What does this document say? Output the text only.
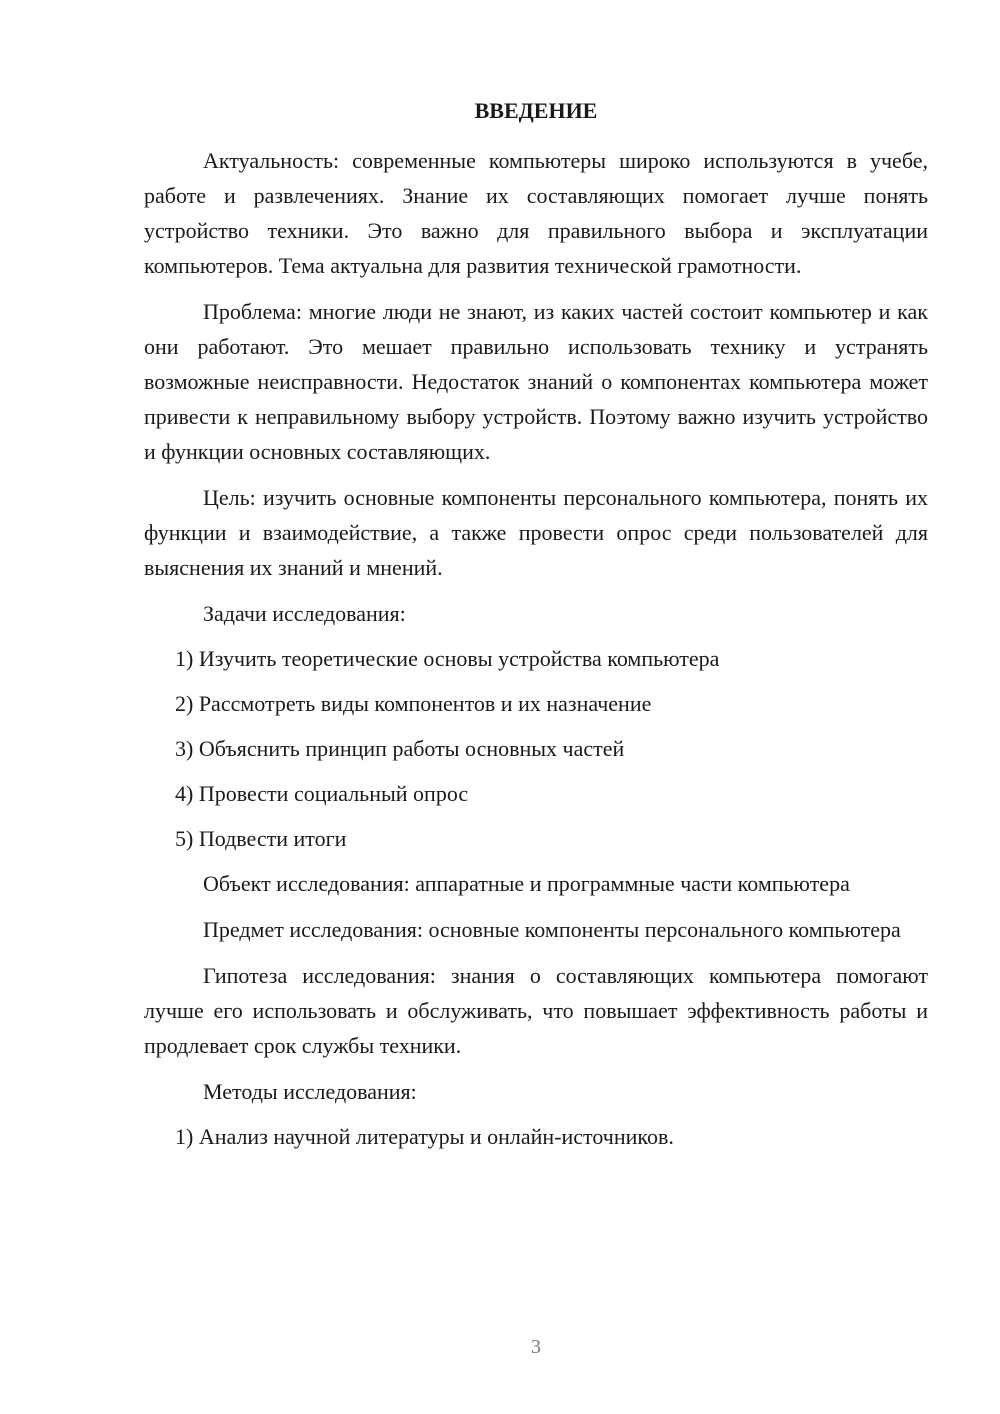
ВВЕДЕНИЕ

Актуальность: современные компьютеры широко используются в учебе, работе и развлечениях. Знание их составляющих помогает лучше понять устройство техники. Это важно для правильного выбора и эксплуатации компьютеров. Тема актуальна для развития технической грамотности.

Проблема: многие люди не знают, из каких частей состоит компьютер и как они работают. Это мешает правильно использовать технику и устранять возможные неисправности. Недостаток знаний о компонентах компьютера может привести к неправильному выбору устройств. Поэтому важно изучить устройство и функции основных составляющих.

Цель: изучить основные компоненты персонального компьютера, понять их функции и взаимодействие, а также провести опрос среди пользователей для выяснения их знаний и мнений.

Задачи исследования:

1) Изучить теоретические основы устройства компьютера

2) Рассмотреть виды компонентов и их назначение

3) Объяснить принцип работы основных частей

4) Провести социальный опрос

5) Подвести итоги

Объект исследования: аппаратные и программные части компьютера

Предмет исследования: основные компоненты персонального компьютера

Гипотеза исследования: знания о составляющих компьютера помогают лучше его использовать и обслуживать, что повышает эффективность работы и продлевает срок службы техники.

Методы исследования:

1) Анализ научной литературы и онлайн-источников.

3
